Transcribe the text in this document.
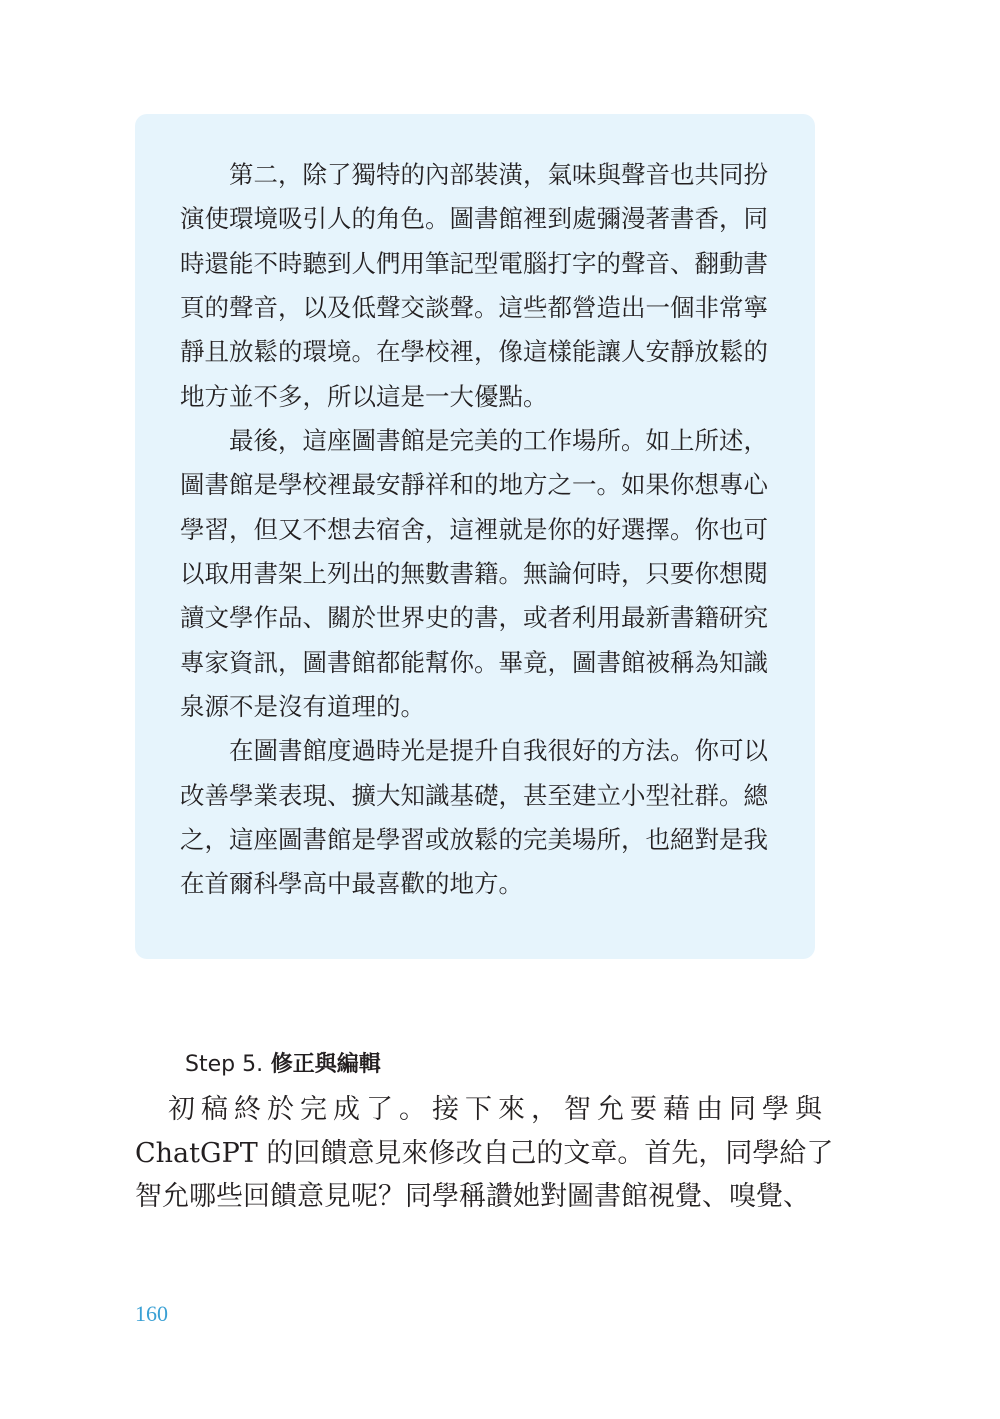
　　第二，除了獨特的內部裝潢，氣味與聲音也共同扮
演使環境吸引人的角色。圖書館裡到處彌漫著書香，同
時還能不時聽到人們用筆記型電腦打字的聲音、翻動書
頁的聲音，以及低聲交談聲。這些都營造出一個非常寧
靜且放鬆的環境。在學校裡，像這樣能讓人安靜放鬆的
地方並不多，所以這是一大優點。
　　最後，這座圖書館是完美的工作場所。如上所述，
圖書館是學校裡最安靜祥和的地方之一。如果你想專心
學習，但又不想去宿舍，這裡就是你的好選擇。你也可
以取用書架上列出的無數書籍。無論何時，只要你想閱
讀文學作品、關於世界史的書，或者利用最新書籍研究
專家資訊，圖書館都能幫你。畢竟，圖書館被稱為知識
泉源不是沒有道理的。
　　在圖書館度過時光是提升自我很好的方法。你可以
改善學業表現、擴大知識基礎，甚至建立小型社群。總
之，這座圖書館是學習或放鬆的完美場所，也絕對是我
在首爾科學高中最喜歡的地方。
Step 5. 修正與編輯
　初稿終於完成了。接下來，智允要藉由同學與
ChatGPT 的回饋意見來修改自己的文章。首先，同學給了
智允哪些回饋意見呢？同學稱讚她對圖書館視覺、嗅覺、
160
